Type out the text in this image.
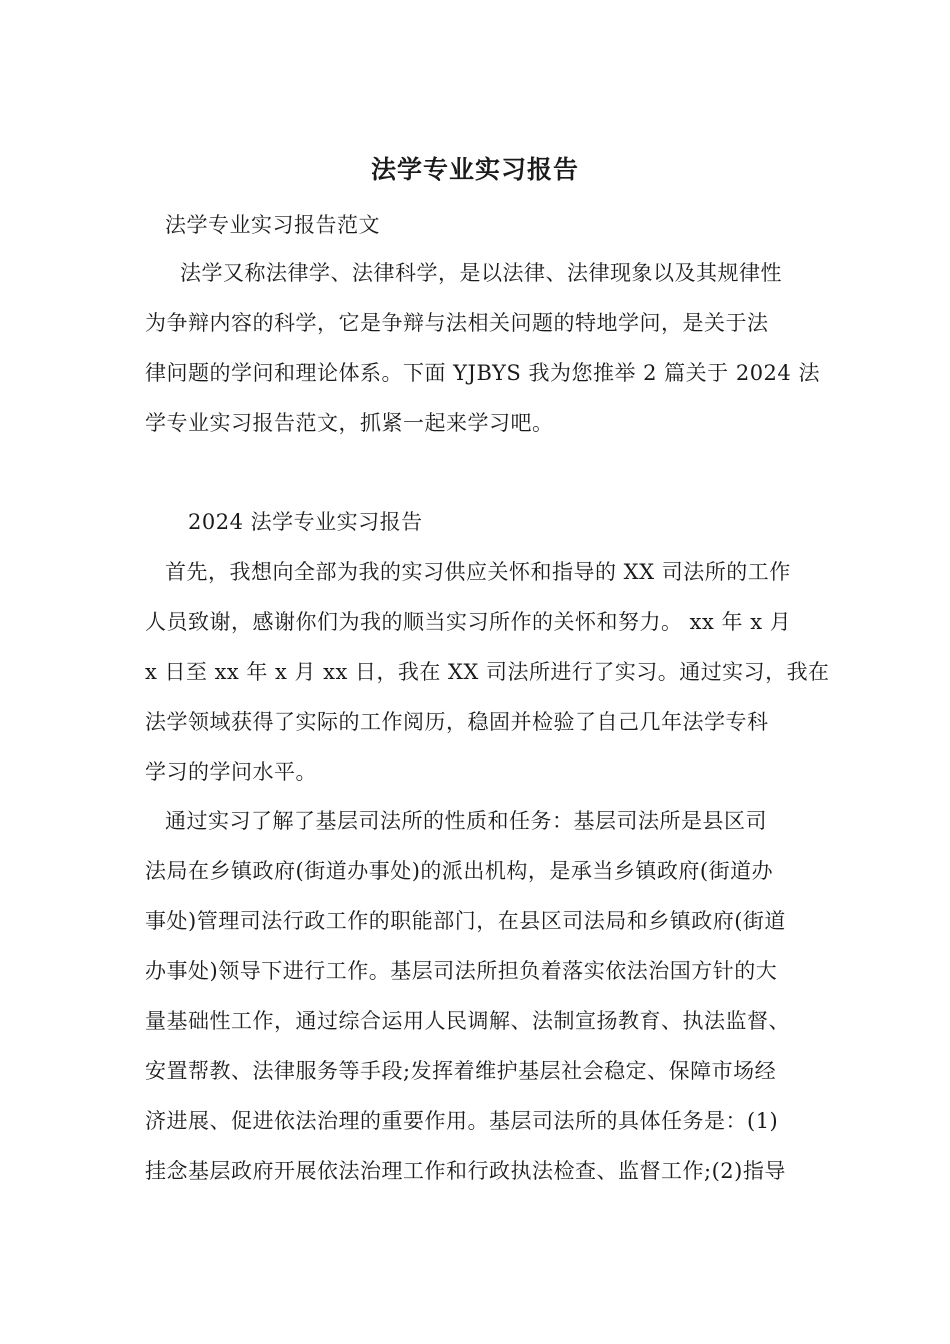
法学专业实习报告
法学专业实习报告范文
法学又称法律学、法律科学，是以法律、法律现象以及其规律性
为争辩内容的科学，它是争辩与法相关问题的特地学问，是关于法
律问题的学问和理论体系。下面 YJBYS 我为您推举 2 篇关于 2024 法
学专业实习报告范文，抓紧一起来学习吧。
2024 法学专业实习报告
首先，我想向全部为我的实习供应关怀和指导的 XX 司法所的工作
人员致谢，感谢你们为我的顺当实习所作的关怀和努力。 xx 年 x 月
x 日至 xx 年 x 月 xx 日，我在 XX 司法所进行了实习。通过实习，我在
法学领域获得了实际的工作阅历，稳固并检验了自己几年法学专科
学习的学问水平。
通过实习了解了基层司法所的性质和任务：基层司法所是县区司
法局在乡镇政府(街道办事处)的派出机构，是承当乡镇政府(街道办
事处)管理司法行政工作的职能部门，在县区司法局和乡镇政府(街道
办事处)领导下进行工作。基层司法所担负着落实依法治国方针的大
量基础性工作，通过综合运用人民调解、法制宣扬教育、执法监督、
安置帮教、法律服务等手段;发挥着维护基层社会稳定、保障市场经
济进展、促进依法治理的重要作用。基层司法所的具体任务是：(1)
挂念基层政府开展依法治理工作和行政执法检查、监督工作;(2)指导
